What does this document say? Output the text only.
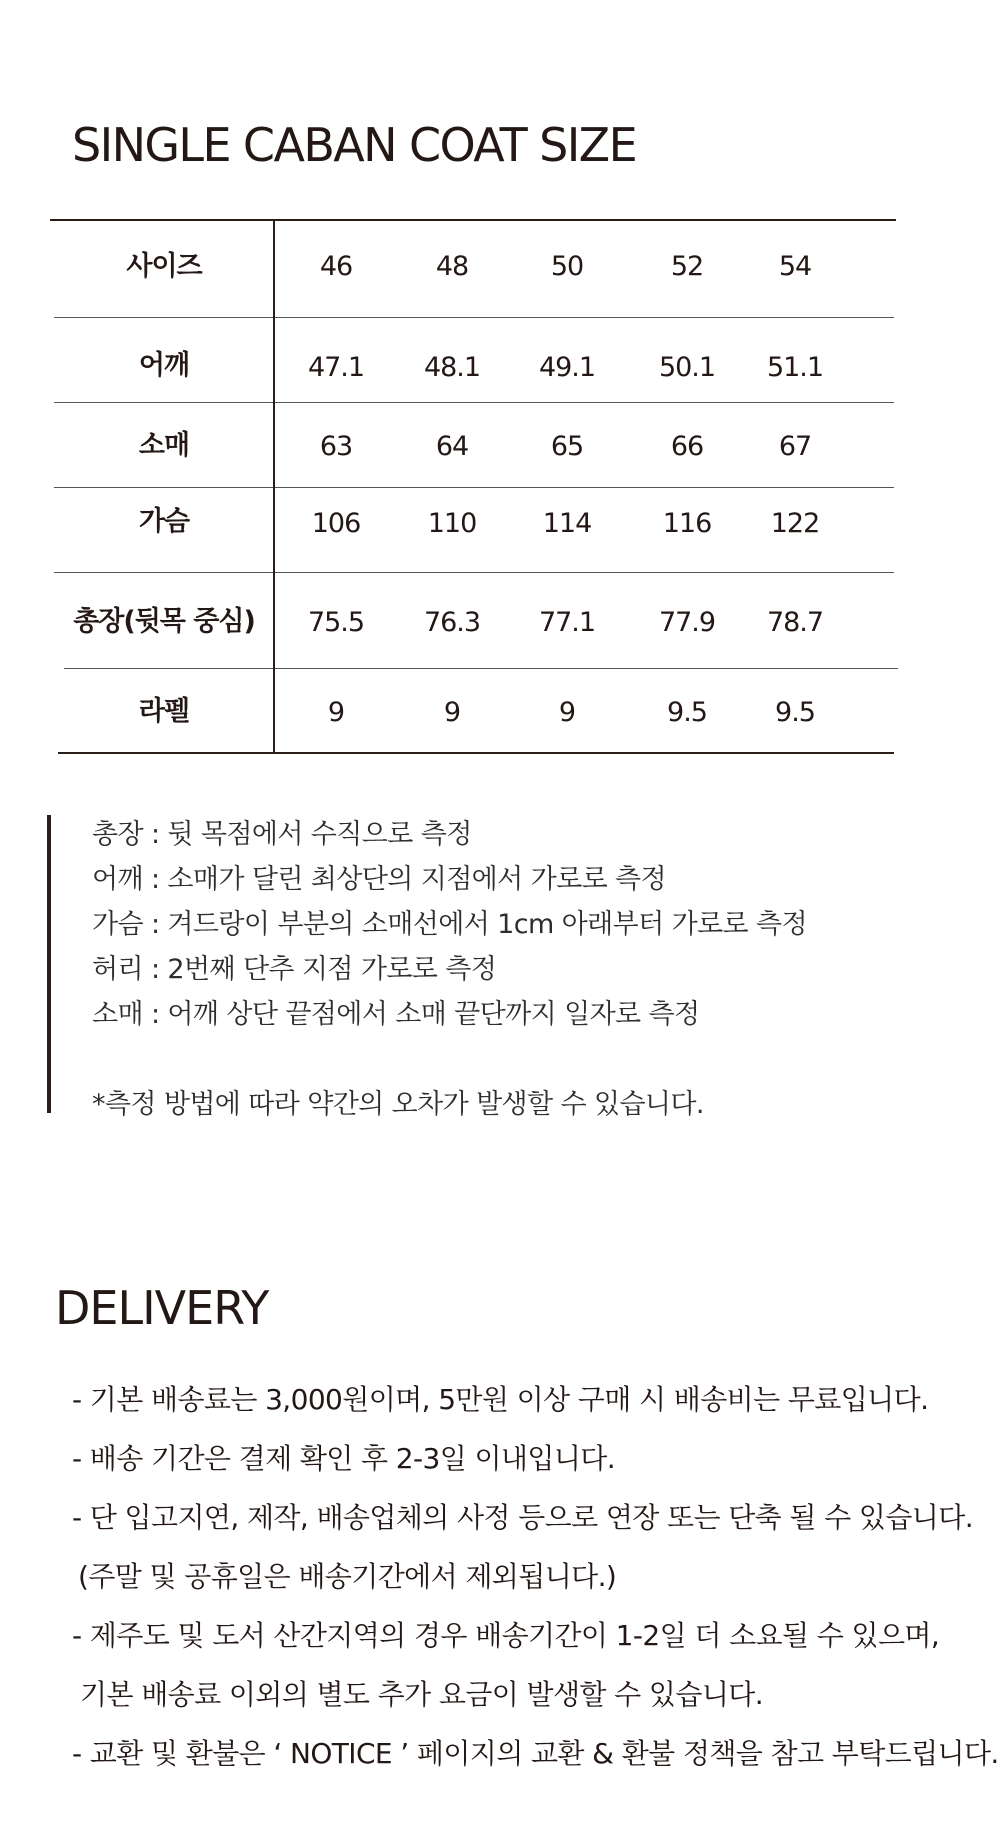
SINGLE CABAN COAT SIZE
사이즈	46	48	50	52	54
어깨	47.1 48.1 49.1 50.1 51.1
소매	63	64	65	66	67
가슴	106 110 114	116 122
총장(뒷목 중심) 75.5 76.3 77.1 77.9 78.7
라펠	9	9	9	9.5	9.5
총장 : 뒷 목점에서 수직으로 측정
어깨 : 소매가 달린 최상단의 지점에서 가로로 측정
가슴 : 겨드랑이 부분의 소매선에서 1cm 아래부터 가로로 측정
허리 : 2번째 단추 지점 가로로 측정
소매 : 어깨 상단 끝점에서 소매 끝단까지 일자로 측정
*측정 방법에 따라 약간의 오차가 발생할 수 있습니다.
DELIVERY
- 기본 배송료는 3,000원이며, 5만원 이상 구매 시 배송비는 무료입니다.
- 배송 기간은 결제 확인 후 2-3일 이내입니다.
- 단 입고지연, 제작, 배송업체의 사정 등으로 연장 또는 단축 될 수 있습니다.
(주말 및 공휴일은 배송기간에서 제외됩니다.)
- 제주도 및 도서 산간지역의 경우 배송기간이 1-2일 더 소요될 수 있으며,
기본 배송료 이외의 별도 추가 요금이 발생할 수 있습니다.
- 교환 및 환불은 ‘ NOTICE ’ 페이지의 교환 & 환불 정책을 참고 부탁드립니다.
